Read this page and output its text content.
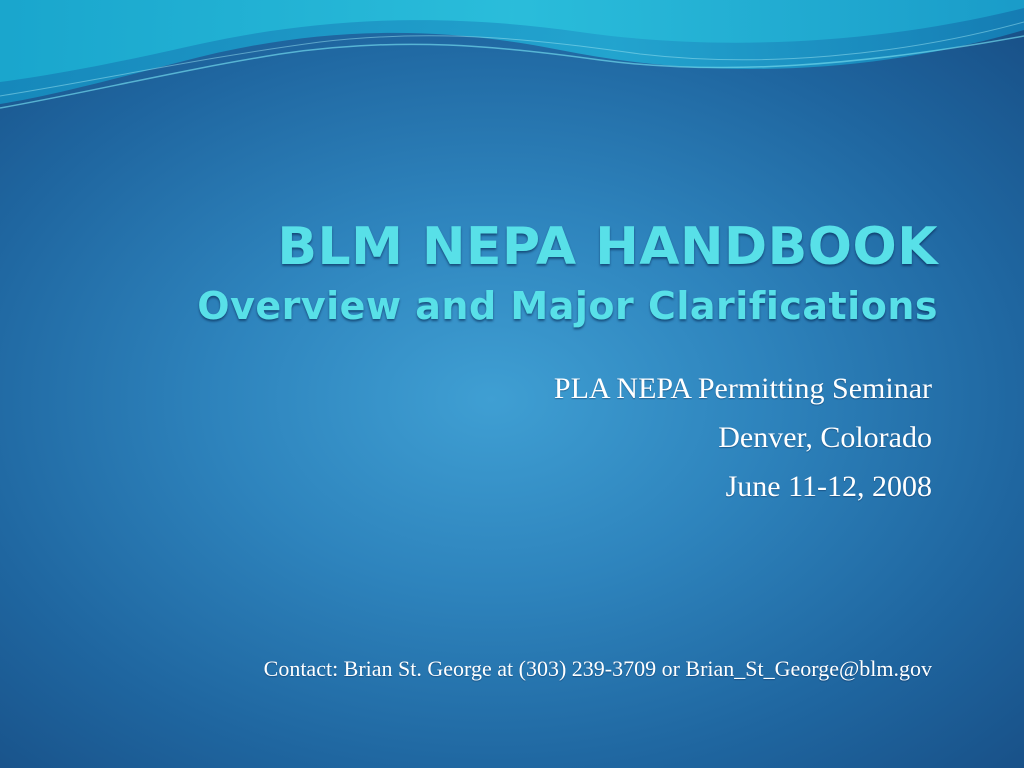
BLM NEPA HANDBOOK
Overview and Major Clarifications
PLA NEPA Permitting Seminar
Denver, Colorado
June 11-12, 2008
Contact: Brian St. George at (303) 239-3709 or Brian_St_George@blm.gov
